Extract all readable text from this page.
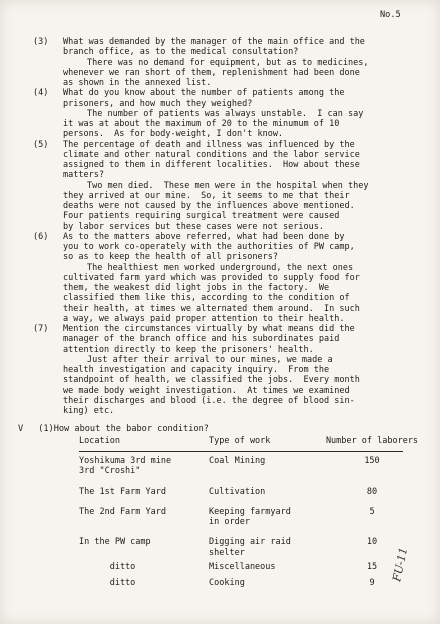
No.5
(3) What was demanded by the manager of the main office and the
branch office, as to the medical consultation?
There was no demand for equipment, but as to medicines,
whenever we ran short of them, replenishment had been done
as shown in the annexed list.
(4) What do you know about the number of patients among the
prisoners, and how much they weighed?
The number of patients was always unstable.  I can say
it was at about the maximum of 20 to the minumum of 10
persons.  As for body-weight, I don't know.
(5) The percentage of death and illness was influenced by the
climate and other natural conditions and the labor service
assigned to them in different localities.  How about these
matters?
Two men died.  These men were in the hospital when they
they arrived at our mine.  So, it seems to me that their
deaths were not caused by the influences above mentioned.
Four patients requiring surgical treatment were caused
by labor services but these cases were not serious.
(6) As to the matters above referred, what had been done by
you to work co-operately with the authorities of PW camp,
so as to keep the health of all prisoners?
The healthiest men worked underground, the next ones
cultivated farm yard which was provided to supply food for
them, the weakest did light jobs in the factory.  We
classified them like this, according to the condition of
their health, at times we alternated them around.  In such
a way, we always paid proper attention to their health.
(7) Mention the circumstances virtually by what means did the
manager of the branch office and his subordinates paid
attention directly to keep the prisoners' health.
Just after their arrival to our mines, we made a
health investigation and capacity inquiry.  From the
standpoint of health, we classified the jobs.  Every month
we made body weight investigation.  At times we examined
their discharges and blood (i.e. the degree of blood sin-
king) etc.
V (1)How about the babor condition?
Location	Type of work	Number of laborers

Yoshikuma 3rd mine
3rd "Croshi"	Coal Mining	150

The 1st Farm Yard	Cultivation	80

The 2nd Farm Yard	Keeping farmyard
in order	5

In the PW camp	Digging air raid
shelter	10

ditto	Miscellaneous	15

ditto	Cooking	9
FU-11
